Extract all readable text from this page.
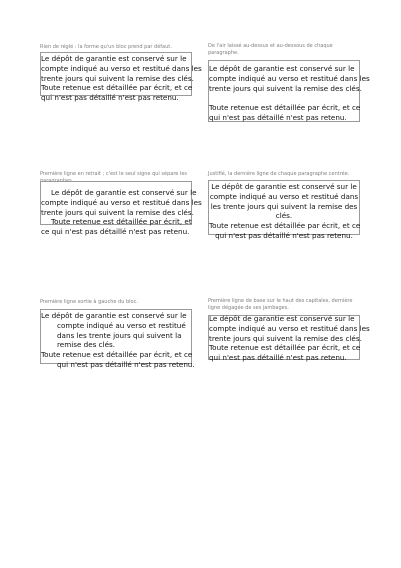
Rien de réglé : la forme qu'un bloc prend par défaut.

Le dépôt de garantie est conservé sur le

compte indiqué au verso et restitué dans les

trente jours qui suivent la remise des clés.

Toute retenue est détaillée par écrit, et ce

qui n'est pas détaillé n'est pas retenu.

De l'air laissé au-dessus et au-dessous de chaque
paragraphe.

Le dépôt de garantie est conservé sur le

compte indiqué au verso et restitué dans les

trente jours qui suivent la remise des clés.

Toute retenue est détaillée par écrit, et ce

qui n'est pas détaillé n'est pas retenu.

Première ligne en retrait ; c'est le seul signe qui sépare les

Le dépôt de garantie est conservé sur le

compte indiqué au verso et restitué dans les

trente jours qui suivent la remise des clés.

Toute retenue est détaillée par écrit, et

ce qui n'est pas détaillé n'est pas retenu.

Justifié, la dernière ligne de chaque paragraphe centrée.

Le dépôt de garantie est conservé sur le

compte indiqué au verso et restitué dans

les trente jours qui suivent la remise des

clés.

Toute retenue est détaillée par écrit, et ce

qui n'est pas détaillé n'est pas retenu.

Première ligne sortie à gauche du bloc.

Le dépôt de garantie est conservé sur le

compte indiqué au verso et restitué

dans les trente jours qui suivent la

remise des clés.

Toute retenue est détaillée par écrit, et ce

qui n'est pas détaillé n'est pas retenu.

Première ligne de base sur le haut des capitales, dernière
ligne dégagée de ses jambages.

Le dépôt de garantie est conservé sur le

compte indiqué au verso et restitué dans les

trente jours qui suivent la remise des clés.

Toute retenue est détaillée par écrit, et ce

qui n'est pas détaillé n'est pas retenu.
